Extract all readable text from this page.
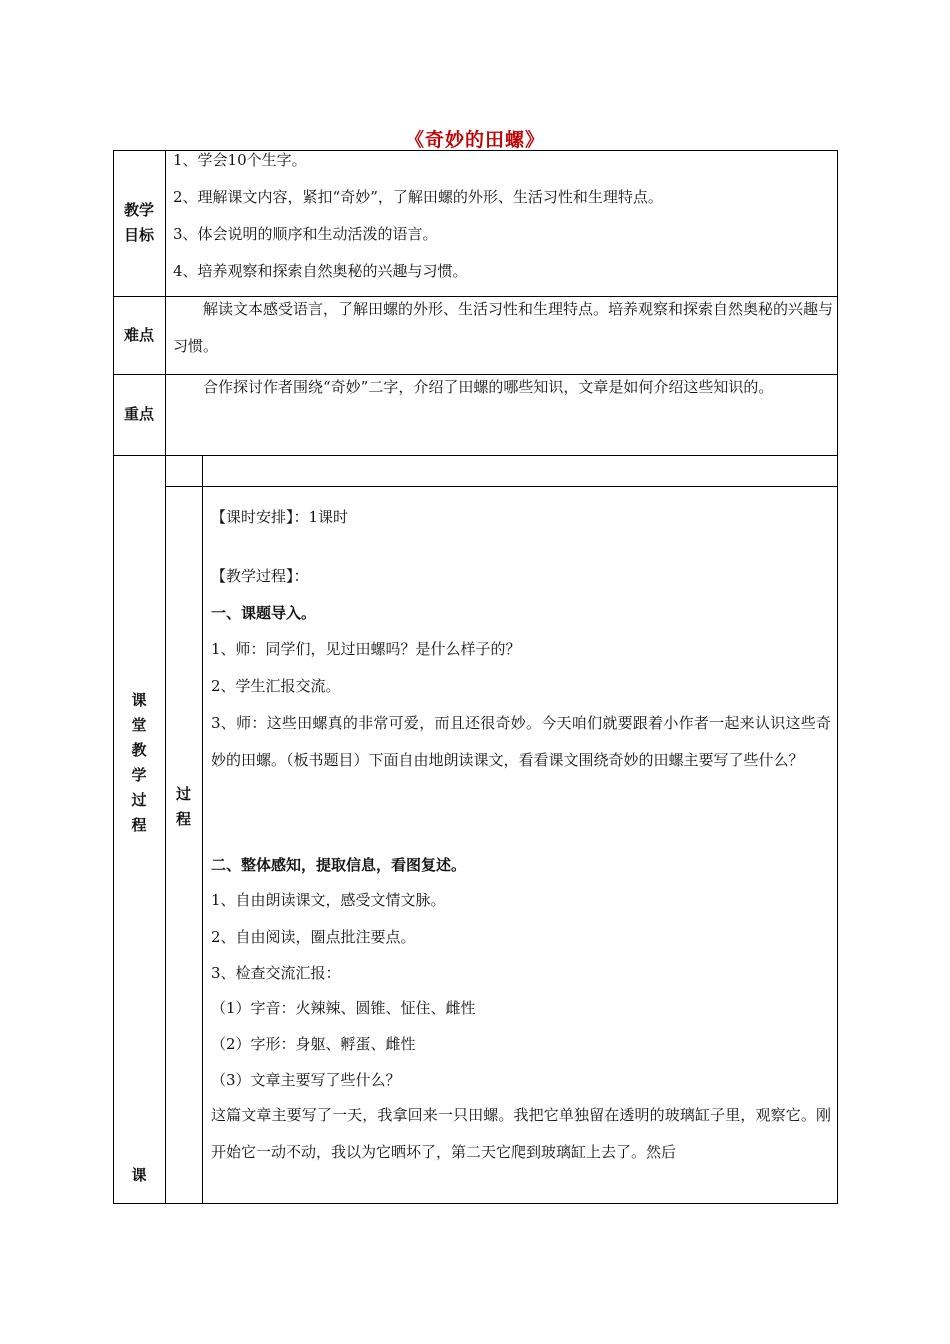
《奇妙的田螺》
教学目标
1、学会10个生字。
2、理解课文内容，紧扣“奇妙”，了解田螺的外形、生活习性和生理特点。
3、体会说明的顺序和生动活泼的语言。
4、培养观察和探索自然奥秘的兴趣与习惯。
难点
解读文本感受语言，了解田螺的外形、生活习性和生理特点。培养观察和探索自然奥秘的兴趣与习惯。
重点
合作探讨作者围绕“奇妙”二字，介绍了田螺的哪些知识，文章是如何介绍这些知识的。
课堂教学过程
过程
课
【课时安排】：1课时
【教学过程】：
一、课题导入。
1、师：同学们，见过田螺吗？是什么样子的？
2、学生汇报交流。
3、师：这些田螺真的非常可爱，而且还很奇妙。今天咱们就要跟着小作者一起来认识这些奇妙的田螺。（板书题目）下面自由地朗读课文，看看课文围绕奇妙的田螺主要写了些什么？
二、整体感知，提取信息，看图复述。
1、自由朗读课文，感受文情文脉。
2、自由阅读，圈点批注要点。
3、检查交流汇报：
（1）字音：火辣辣、圆锥、怔住、雌性
（2）字形：身躯、孵蛋、雌性
（3）文章主要写了些什么？
这篇文章主要写了一天，我拿回来一只田螺。我把它单独留在透明的玻璃缸子里，观察它。刚开始它一动不动，我以为它晒坏了，第二天它爬到玻璃缸上去了。然后
